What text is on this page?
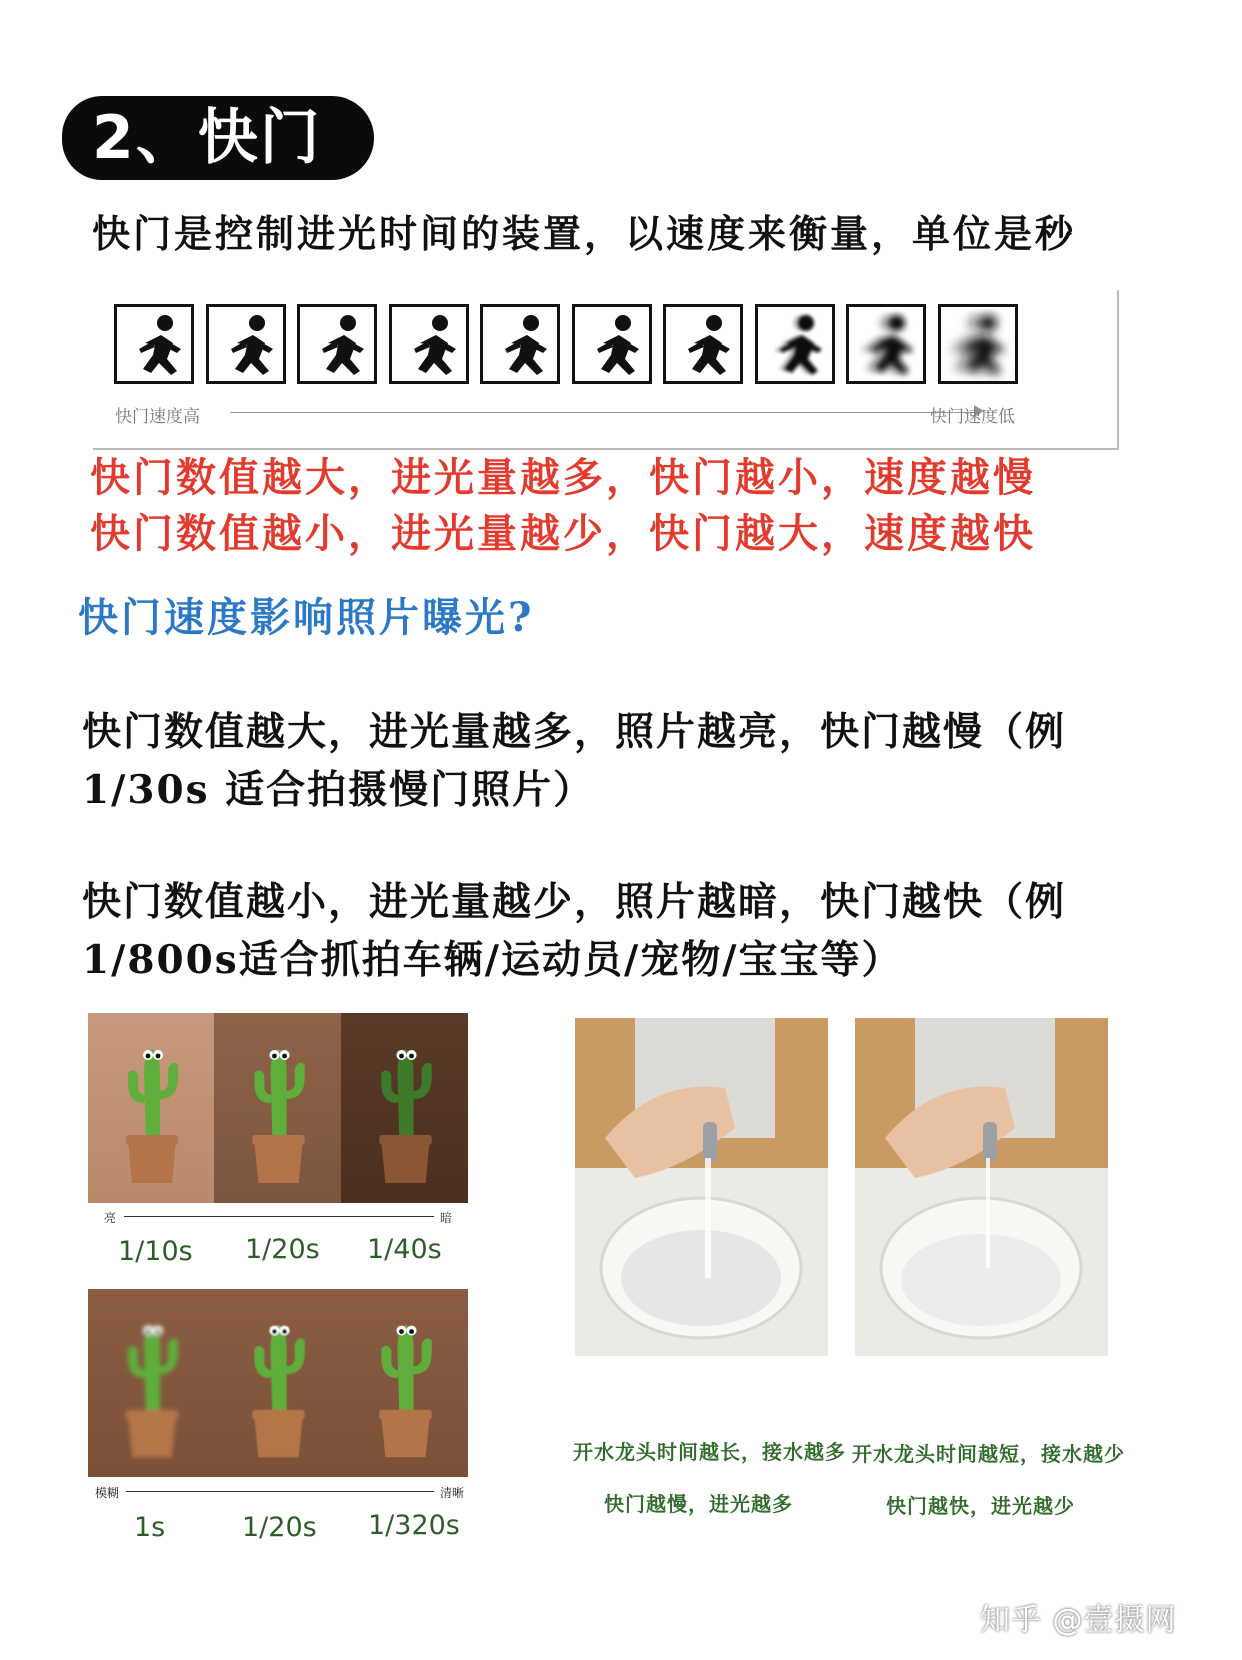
2、快门
快门是控制进光时间的装置，以速度来衡量，单位是秒
快门速度高	快门速度低
快门数值越大，进光量越多，快门越小，速度越慢
快门数值越小，进光量越少，快门越大，速度越快
快门速度影响照片曝光?
快门数值越大，进光量越多，照片越亮，快门越慢（例
1/30s 适合拍摄慢门照片）
快门数值越小，进光量越少，照片越暗，快门越快（例
1/800s适合抓拍车辆/运动员/宠物/宝宝等）
亮	暗
1/10s 1/20s 1/40s
模糊	清晰
1s	1/20s 1/320s
开水龙头时间越长，接水越多
快门越慢，进光越多
开水龙头时间越短，接水越少
快门越快，进光越少
知乎 @壹摄网
